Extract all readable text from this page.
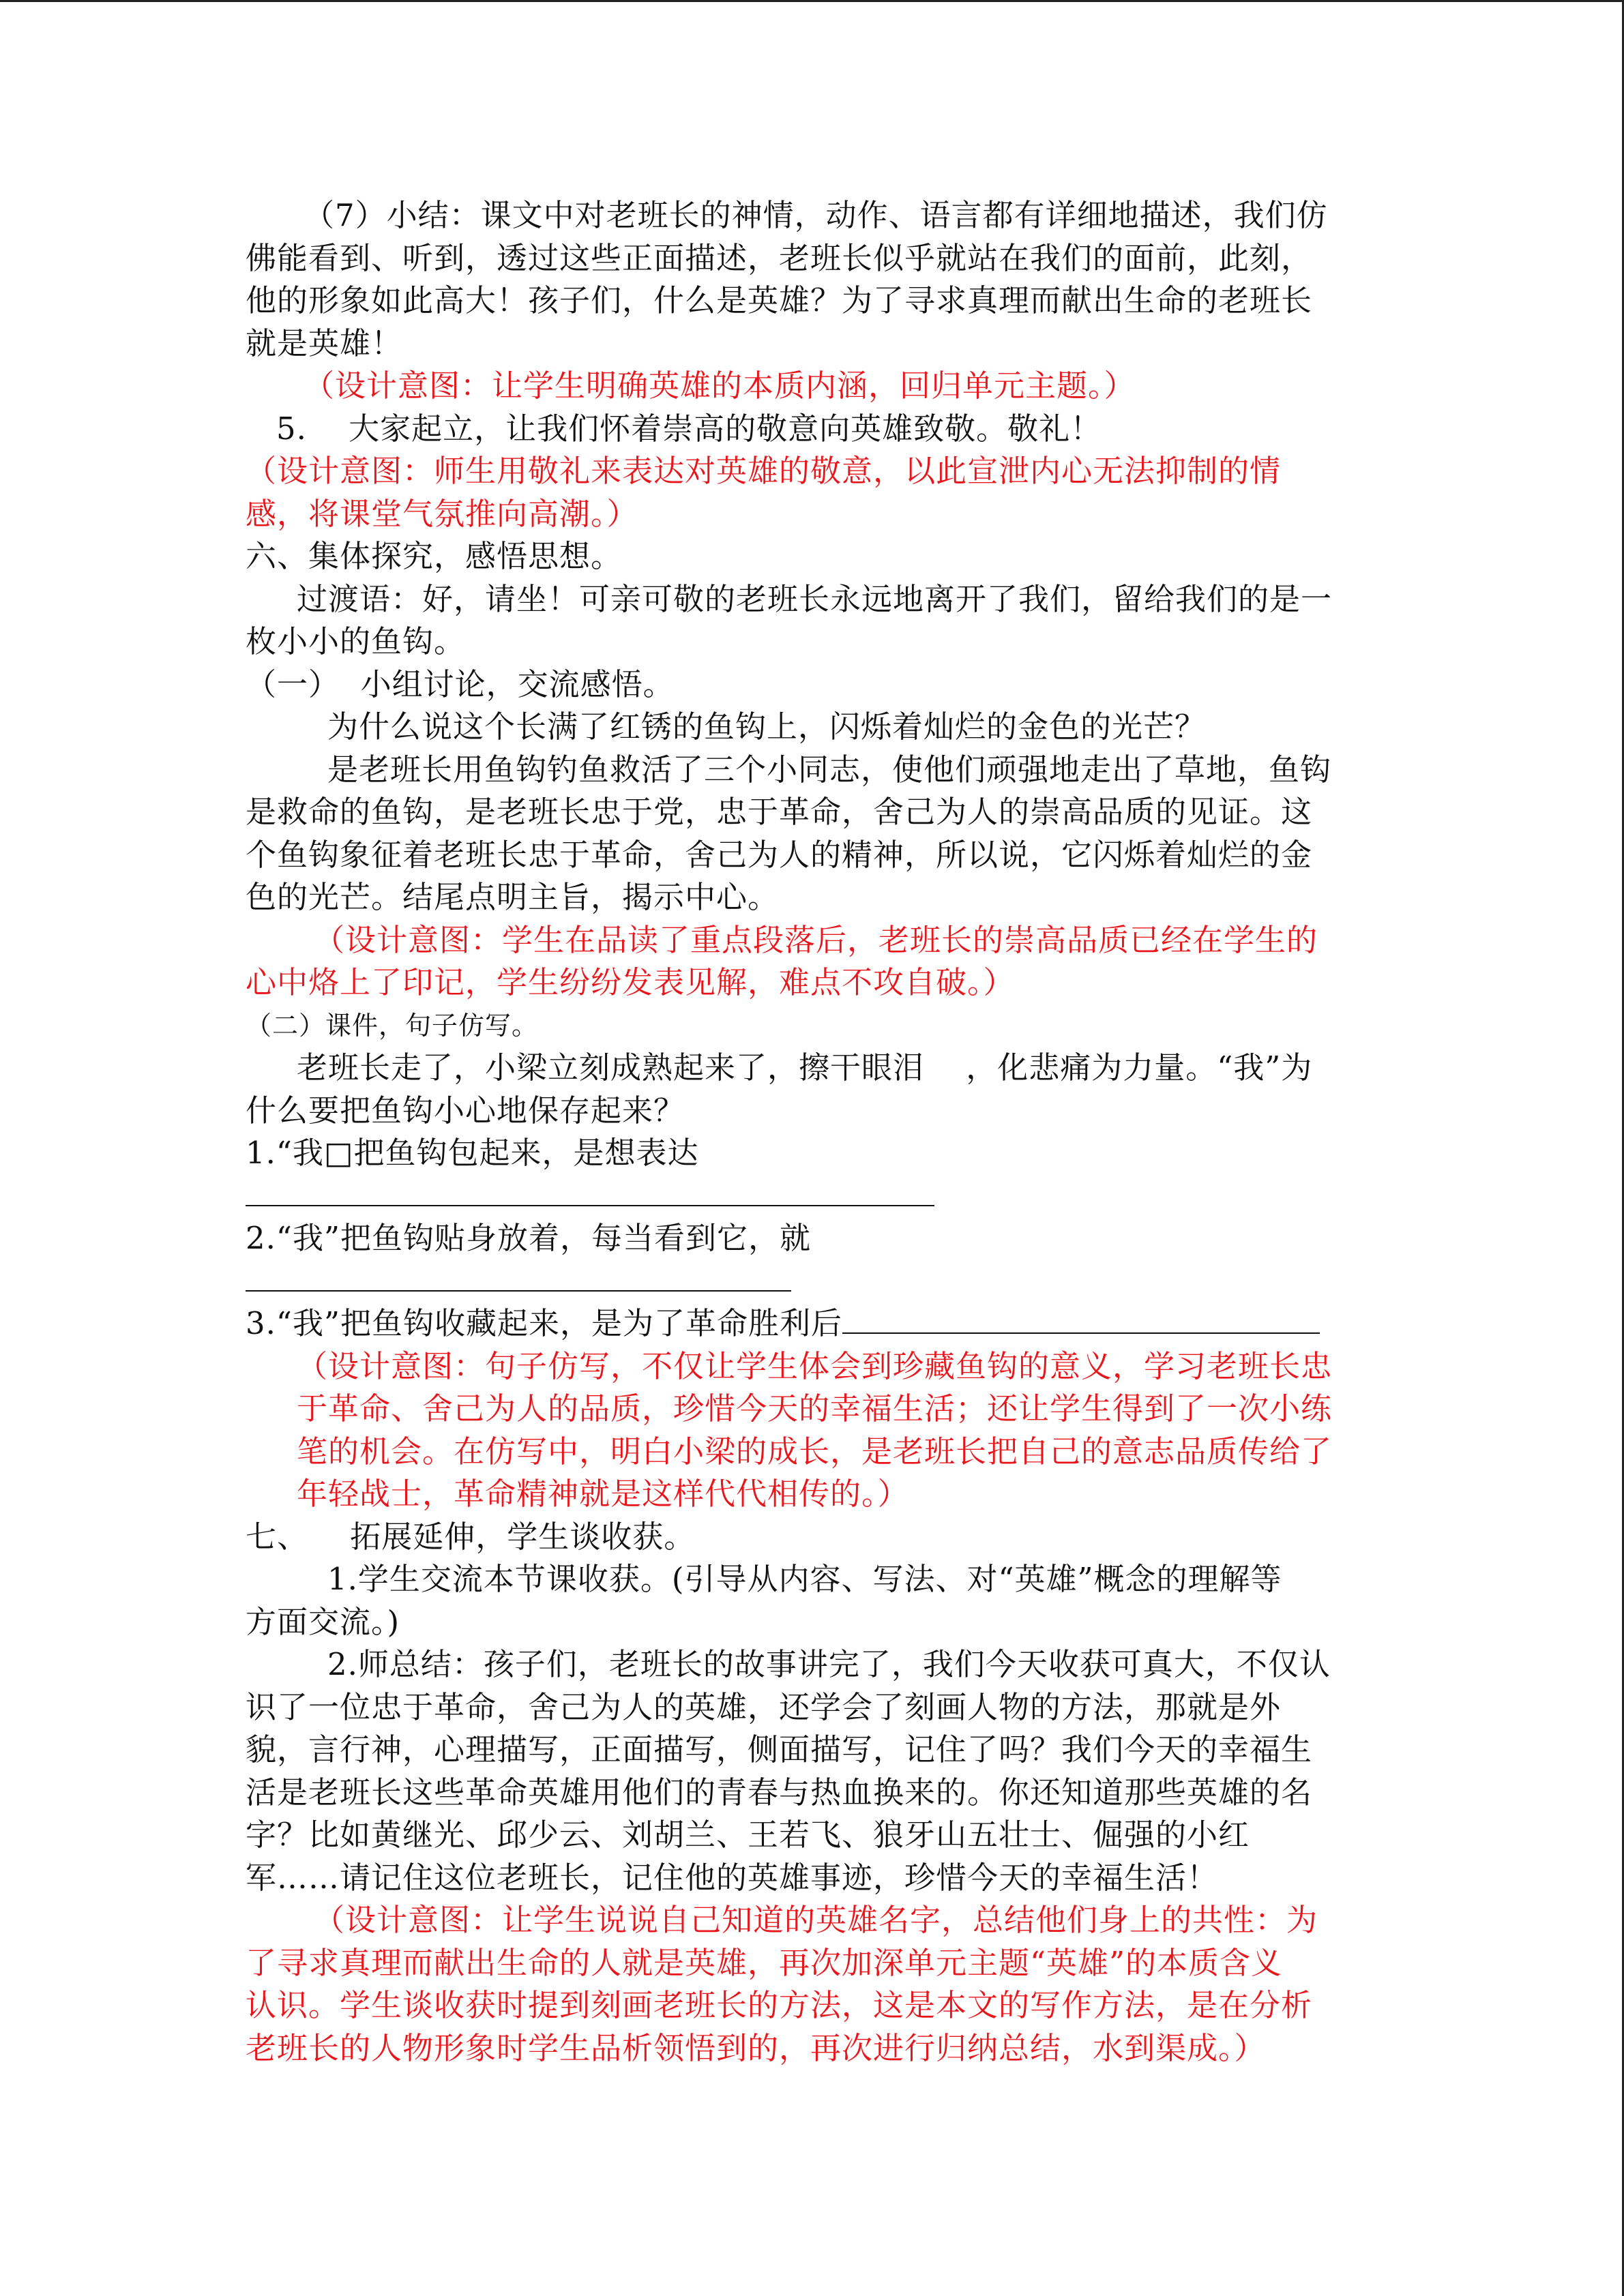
（7）小结：课文中对老班长的神情，动作、语言都有详细地描述，我们仿

佛能看到、听到，透过这些正面描述，老班长似乎就站在我们的面前，此刻，

他的形象如此高大！孩子们，什么是英雄？为了寻求真理而献出生命的老班长

就是英雄！

（设计意图：让学生明确英雄的本质内涵，回归单元主题。）

5.    大家起立，让我们怀着崇高的敬意向英雄致敬。敬礼！

（设计意图：师生用敬礼来表达对英雄的敬意，以此宣泄内心无法抑制的情

感，将课堂气氛推向高潮。）

六、集体探究，感悟思想。

过渡语：好，请坐！可亲可敬的老班长永远地离开了我们，留给我们的是一

枚小小的鱼钩。

（一）  小组讨论，交流感悟。

为什么说这个长满了红锈的鱼钩上，闪烁着灿烂的金色的光芒？

是老班长用鱼钩钓鱼救活了三个小同志，使他们顽强地走出了草地，鱼钩

是救命的鱼钩，是老班长忠于党，忠于革命，舍己为人的崇高品质的见证。这

个鱼钩象征着老班长忠于革命，舍己为人的精神，所以说，它闪烁着灿烂的金

色的光芒。结尾点明主旨，揭示中心。

（设计意图：学生在品读了重点段落后，老班长的崇高品质已经在学生的

心中烙上了印记，学生纷纷发表见解，难点不攻自破。）

（二）课件，句子仿写。

老班长走了，小梁立刻成熟起来了，擦干眼泪    ，化悲痛为力量。“我”为

什么要把鱼钩小心地保存起来？

1.“我□把鱼钩包起来，是想表达

2.“我”把鱼钩贴身放着，每当看到它，就

3.“我”把鱼钩收藏起来，是为了革命胜利后

（设计意图：句子仿写，不仅让学生体会到珍藏鱼钩的意义，学习老班长忠

于革命、舍己为人的品质，珍惜今天的幸福生活；还让学生得到了一次小练

笔的机会。在仿写中，明白小梁的成长，是老班长把自己的意志品质传给了

年轻战士，革命精神就是这样代代相传的。）

七、    拓展延伸，学生谈收获。

1.学生交流本节课收获。(引导从内容、写法、对“英雄”概念的理解等

方面交流。)

2.师总结：孩子们，老班长的故事讲完了，我们今天收获可真大，不仅认

识了一位忠于革命，舍己为人的英雄，还学会了刻画人物的方法，那就是外

貌，言行神，心理描写，正面描写，侧面描写，记住了吗？我们今天的幸福生

活是老班长这些革命英雄用他们的青春与热血换来的。你还知道那些英雄的名

字？比如黄继光、邱少云、刘胡兰、王若飞、狼牙山五壮士、倔强的小红

军……请记住这位老班长，记住他的英雄事迹，珍惜今天的幸福生活！

（设计意图：让学生说说自己知道的英雄名字，总结他们身上的共性：为

了寻求真理而献出生命的人就是英雄，再次加深单元主题“英雄”的本质含义

认识。学生谈收获时提到刻画老班长的方法，这是本文的写作方法，是在分析

老班长的人物形象时学生品析领悟到的，再次进行归纳总结，水到渠成。）
